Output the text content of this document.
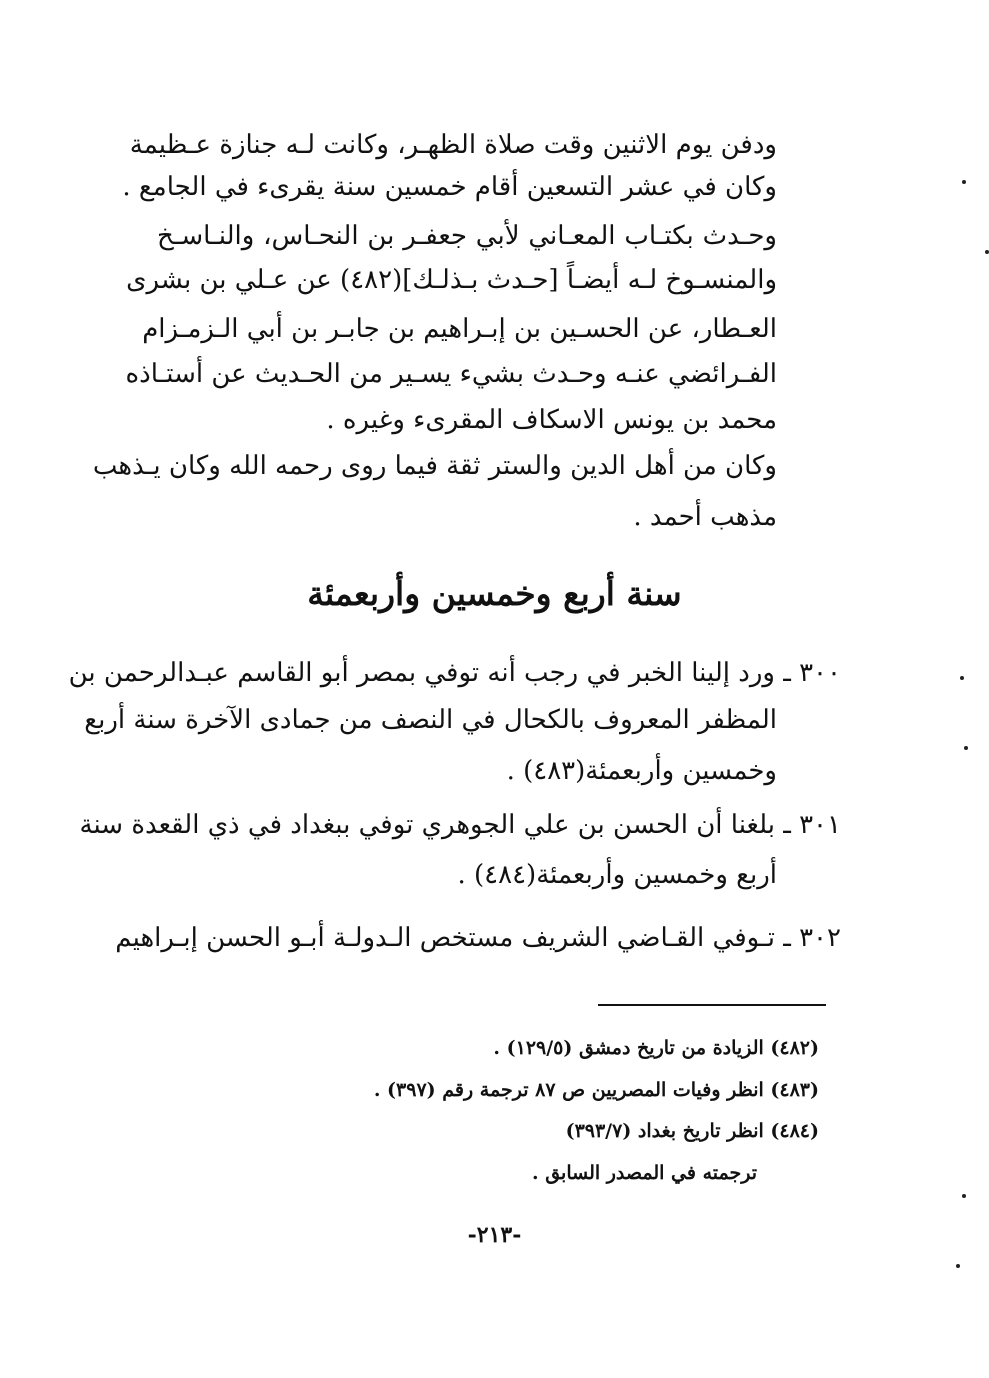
ودفن يوم الاثنين وقت صلاة الظهـر، وكانت لـه جنازة عـظيمة
وكان في عشر التسعين أقام خمسين سنة يقرىء في الجامع .
وحـدث بكتـاب المعـاني لأبي جعفـر بن النحـاس، والنـاسـخ
والمنسـوخ لـه أيضـاً [حـدث بـذلـك](٤٨٢) عن عـلي بن بشرى
العـطار، عن الحسـين بن إبـراهيم بن جابـر بن أبي الـزمـزام
الفـرائضي عنـه وحـدث بشيء يسـير من الحـديث عن أستـاذه
محمد بن يونس الاسكاف المقرىء وغيره .
وكان من أهل الدين والستر ثقة فيما روى رحمه الله وكان يـذهب
مذهب أحمد .
سنة أربع وخمسين وأربعمئة
٣٠٠ ـ ورد إلينا الخبر في رجب أنه توفي بمصر أبو القاسم عبـدالرحمن بن
المظفر المعروف بالكحال في النصف من جمادى الآخرة سنة أربع
وخمسين وأربعمئة(٤٨٣) .
٣٠١ ـ بلغنا أن الحسن بن علي الجوهري توفي ببغداد في ذي القعدة سنة
أربع وخمسين وأربعمئة(٤٨٤) .
٣٠٢ ـ تـوفي القـاضي الشريف مستخص الـدولـة أبـو الحسن إبـراهيم
(٤٨٢) الزيادة من تاريخ دمشق (١٢٩/٥) .
(٤٨٣) انظر وفيات المصريين ص ٨٧ ترجمة رقم (٣٩٧) .
(٤٨٤) انظر تاريخ بغداد (٣٩٣/٧)
ترجمته في المصدر السابق .
-٢١٣-
